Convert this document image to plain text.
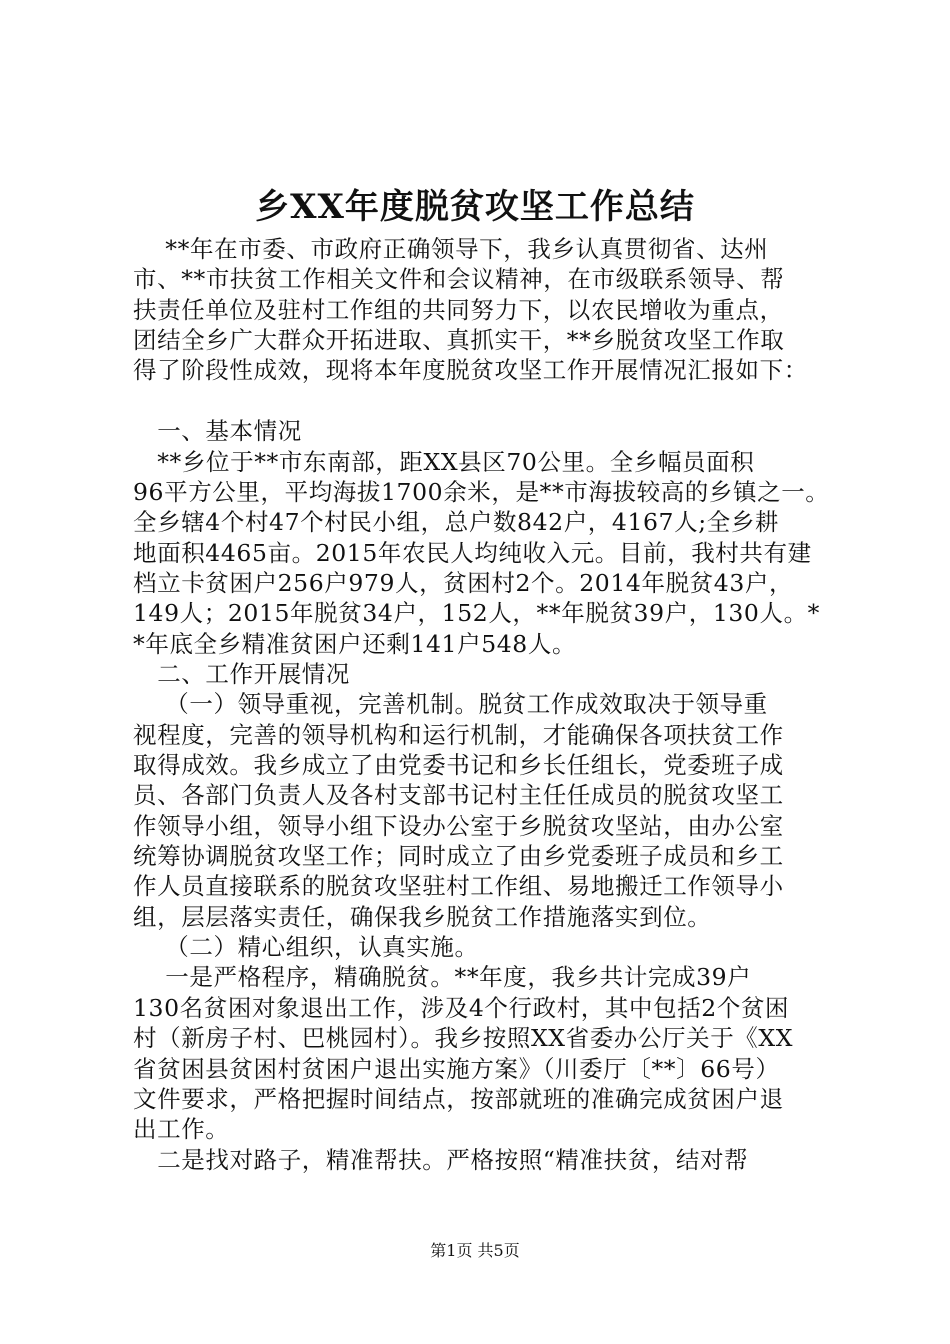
乡XX年度脱贫攻坚工作总结
**年在市委、市政府正确领导下，我乡认真贯彻省、达州
市、**市扶贫工作相关文件和会议精神，在市级联系领导、帮
扶责任单位及驻村工作组的共同努力下，以农民增收为重点，
团结全乡广大群众开拓进取、真抓实干，**乡脱贫攻坚工作取
得了阶段性成效，现将本年度脱贫攻坚工作开展情况汇报如下：
一、基本情况
**乡位于**市东南部，距XX县区70公里。全乡幅员面积
96平方公里，平均海拔1700余米，是**市海拔较高的乡镇之一。
全乡辖4个村47个村民小组，总户数842户，4167人;全乡耕
地面积4465亩。2015年农民人均纯收入元。目前，我村共有建
档立卡贫困户256户979人，贫困村2个。2014年脱贫43户，
149人；2015年脱贫34户，152人，**年脱贫39户，130人。*
*年底全乡精准贫困户还剩141户548人。
二、工作开展情况
（一）领导重视，完善机制。脱贫工作成效取决于领导重
视程度，完善的领导机构和运行机制，才能确保各项扶贫工作
取得成效。我乡成立了由党委书记和乡长任组长，党委班子成
员、各部门负责人及各村支部书记村主任任成员的脱贫攻坚工
作领导小组，领导小组下设办公室于乡脱贫攻坚站，由办公室
统筹协调脱贫攻坚工作；同时成立了由乡党委班子成员和乡工
作人员直接联系的脱贫攻坚驻村工作组、易地搬迁工作领导小
组，层层落实责任，确保我乡脱贫工作措施落实到位。
（二）精心组织，认真实施。
一是严格程序，精确脱贫。**年度，我乡共计完成39户
130名贫困对象退出工作，涉及4个行政村，其中包括2个贫困
村（新房子村、巴桃园村）。我乡按照XX省委办公厅关于《XX
省贫困县贫困村贫困户退出实施方案》（川委厅〔**〕66号）
文件要求，严格把握时间结点，按部就班的准确完成贫困户退
出工作。
二是找对路子，精准帮扶。严格按照“精准扶贫，结对帮
第1页 共5页
